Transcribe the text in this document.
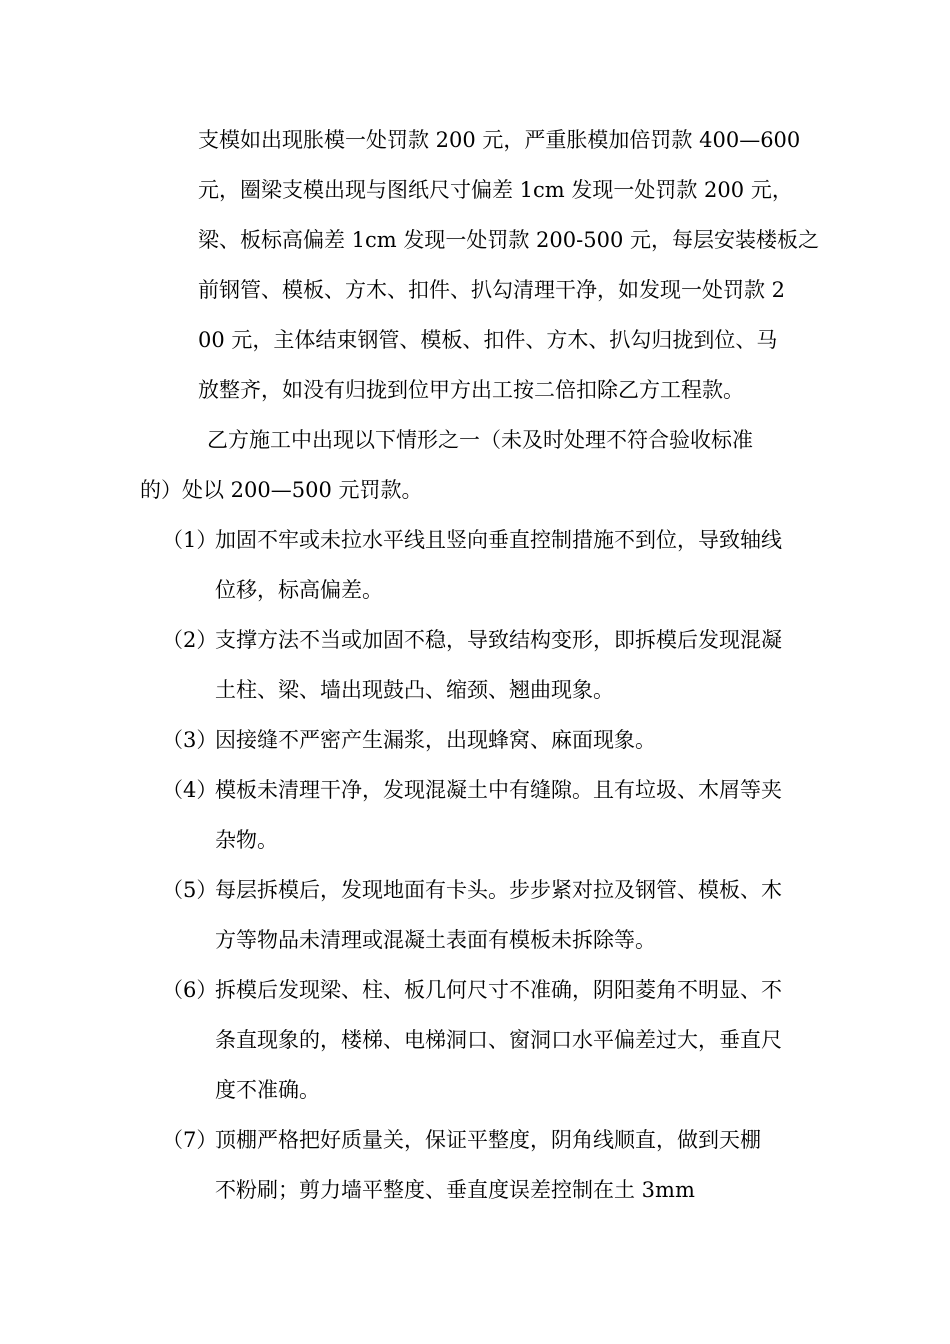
支模如出现胀模一处罚款 200 元，严重胀模加倍罚款 400—600
元，圈梁支模出现与图纸尺寸偏差 1cm 发现一处罚款 200 元，
梁、板标高偏差 1cm 发现一处罚款 200-500 元，每层安装楼板之
前钢管、模板、方木、扣件、扒勾清理干净，如发现一处罚款 2
00 元，主体结束钢管、模板、扣件、方木、扒勾归拢到位、马
放整齐，如没有归拢到位甲方出工按二倍扣除乙方工程款。
乙方施工中出现以下情形之一（未及时处理不符合验收标准
的）处以 200—500 元罚款。
（1）
加固不牢或未拉水平线且竖向垂直控制措施不到位，导致轴线
位移，标高偏差。
（2）
支撑方法不当或加固不稳，导致结构变形，即拆模后发现混凝
土柱、梁、墙出现鼓凸、缩颈、翘曲现象。
（3）
因接缝不严密产生漏浆，出现蜂窝、麻面现象。
（4）
模板未清理干净，发现混凝土中有缝隙。且有垃圾、木屑等夹
杂物。
（5）
每层拆模后，发现地面有卡头。步步紧对拉及钢管、模板、木
方等物品未清理或混凝土表面有模板未拆除等。
（6）
拆模后发现梁、柱、板几何尺寸不准确，阴阳菱角不明显、不
条直现象的，楼梯、电梯洞口、窗洞口水平偏差过大，垂直尺
度不准确。
（7）
顶棚严格把好质量关，保证平整度，阴角线顺直，做到天棚
不粉刷；剪力墙平整度、垂直度误差控制在土 3mm
